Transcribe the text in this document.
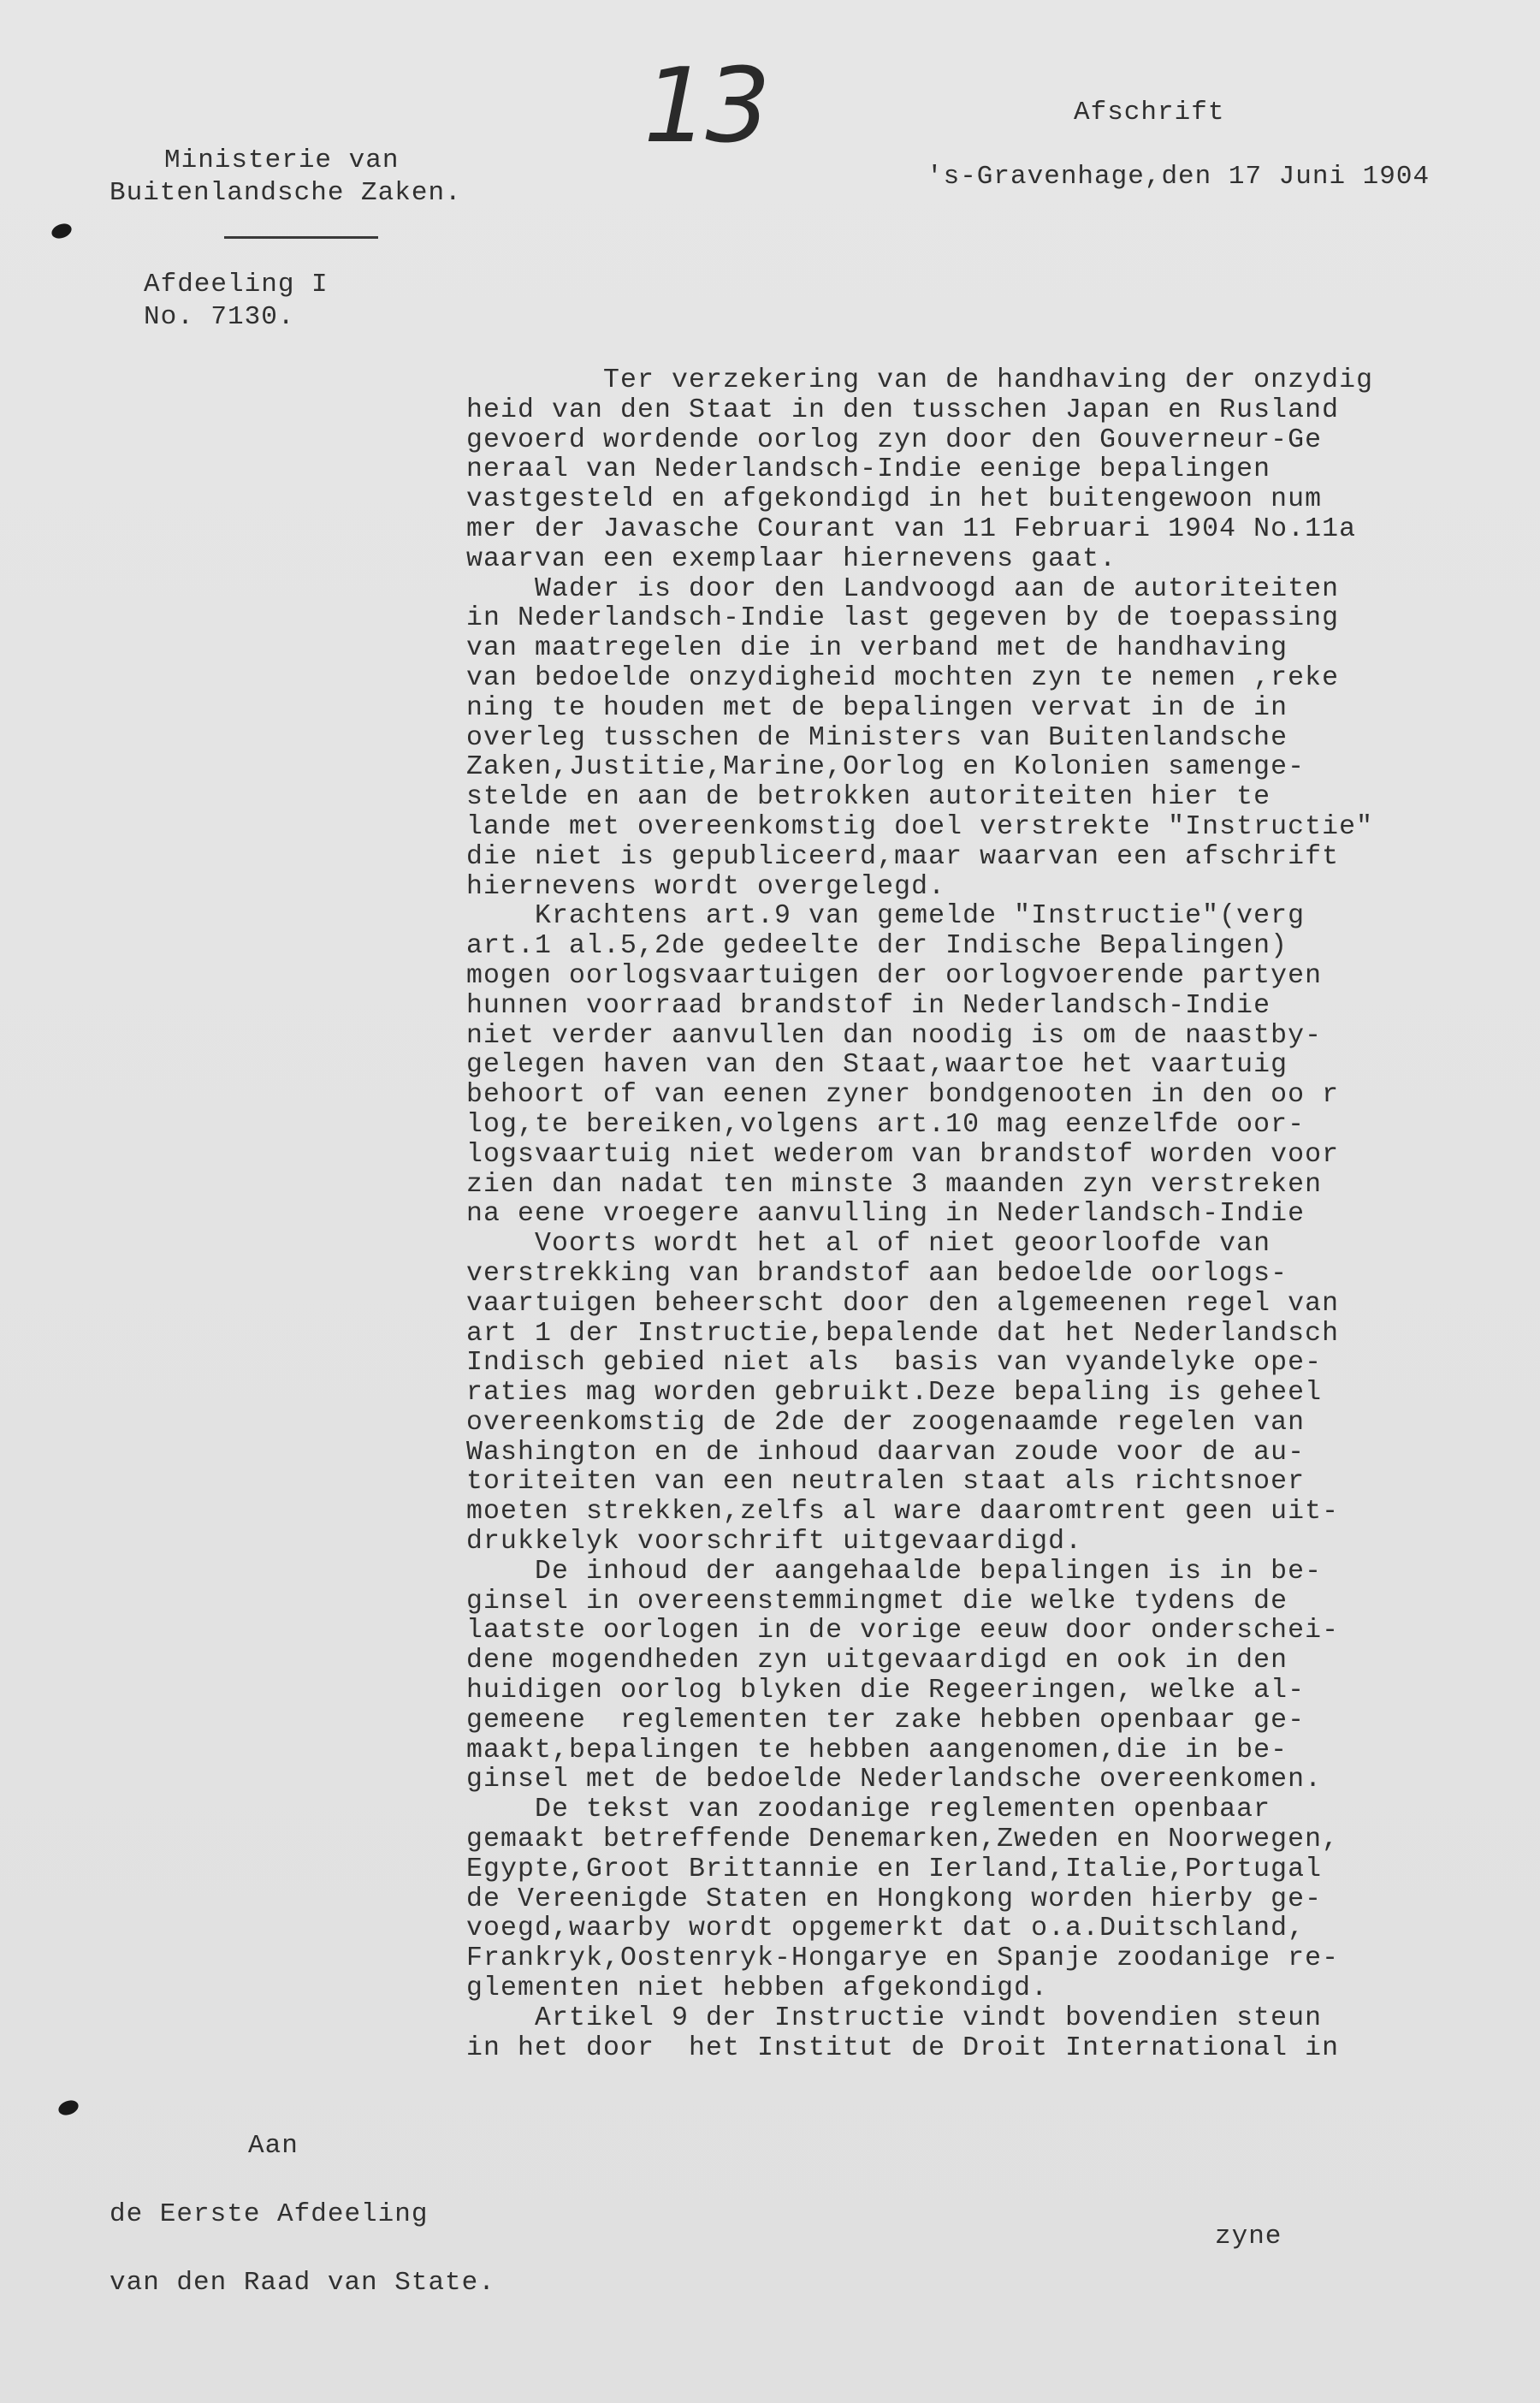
13
Ministerie van
Buitenlandsche Zaken.
Afdeeling I
No. 7130.
Afschrift
's-Gravenhage,den 17 Juni 1904
Ter verzekering van de handhaving der onzydig
heid van den Staat in den tusschen Japan en Rusland
gevoerd wordende oorlog zyn door den Gouverneur-Ge
neraal van Nederlandsch-Indie eenige bepalingen
vastgesteld en afgekondigd in het buitengewoon num
mer der Javasche Courant van 11 Februari 1904 No.11a
waarvan een exemplaar hiernevens gaat.
Wader is door den Landvoogd aan de autoriteiten
in Nederlandsch-Indie last gegeven by de toepassing
van maatregelen die in verband met de handhaving
van bedoelde onzydigheid mochten zyn te nemen ,reke
ning te houden met de bepalingen vervat in de in
overleg tusschen de Ministers van Buitenlandsche
Zaken,Justitie,Marine,Oorlog en Kolonien samenge-
stelde en aan de betrokken autoriteiten hier te
lande met overeenkomstig doel verstrekte "Instructie"
die niet is gepubliceerd,maar waarvan een afschrift
hiernevens wordt overgelegd.
Krachtens art.9 van gemelde "Instructie"(verg
art.1 al.5,2de gedeelte der Indische Bepalingen)
mogen oorlogsvaartuigen der oorlogvoerende partyen
hunnen voorraad brandstof in Nederlandsch-Indie
niet verder aanvullen dan noodig is om de naastby-
gelegen haven van den Staat,waartoe het vaartuig
behoort of van eenen zyner bondgenooten in den oo r
log,te bereiken,volgens art.10 mag eenzelfde oor-
logsvaartuig niet wederom van brandstof worden voor
zien dan nadat ten minste 3 maanden zyn verstreken
na eene vroegere aanvulling in Nederlandsch-Indie
Voorts wordt het al of niet geoorloofde van
verstrekking van brandstof aan bedoelde oorlogs-
vaartuigen beheerscht door den algemeenen regel van
art 1 der Instructie,bepalende dat het Nederlandsch
Indisch gebied niet als  basis van vyandelyke ope-
raties mag worden gebruikt.Deze bepaling is geheel
overeenkomstig de 2de der zoogenaamde regelen van
Washington en de inhoud daarvan zoude voor de au-
toriteiten van een neutralen staat als richtsnoer
moeten strekken,zelfs al ware daaromtrent geen uit-
drukkelyk voorschrift uitgevaardigd.
De inhoud der aangehaalde bepalingen is in be-
ginsel in overeenstemmingmet die welke tydens de
laatste oorlogen in de vorige eeuw door onderschei-
dene mogendheden zyn uitgevaardigd en ook in den
huidigen oorlog blyken die Regeeringen, welke al-
gemeene  reglementen ter zake hebben openbaar ge-
maakt,bepalingen te hebben aangenomen,die in be-
ginsel met de bedoelde Nederlandsche overeenkomen.
De tekst van zoodanige reglementen openbaar
gemaakt betreffende Denemarken,Zweden en Noorwegen,
Egypte,Groot Brittannie en Ierland,Italie,Portugal
de Vereenigde Staten en Hongkong worden hierby ge-
voegd,waarby wordt opgemerkt dat o.a.Duitschland,
Frankryk,Oostenryk-Hongarye en Spanje zoodanige re-
glementen niet hebben afgekondigd.
Artikel 9 der Instructie vindt bovendien steun
in het door  het Institut de Droit International in
Aan
de Eerste Afdeeling
van den Raad van State.
zyne
